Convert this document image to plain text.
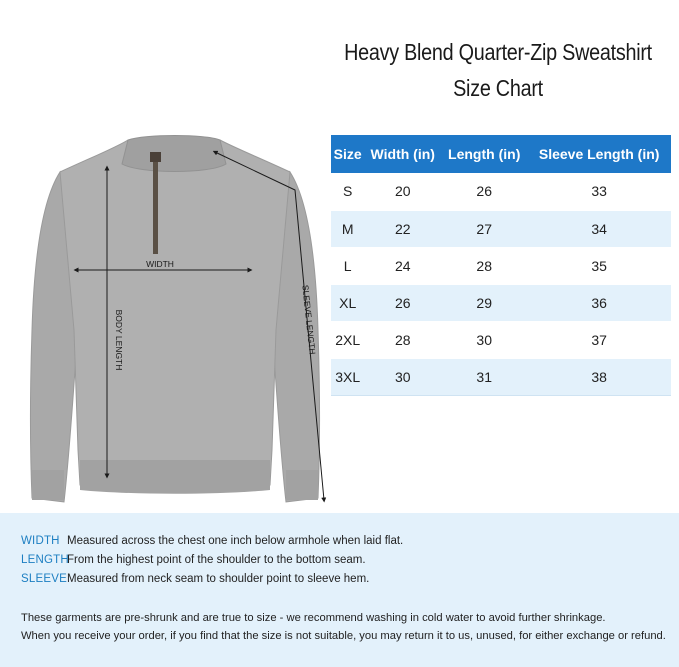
Heavy Blend Quarter-Zip Sweatshirt
Size Chart
WIDTH
BODY LENGTH	SLEEVE LENGTH
Size	Width (in)	Length (in)	Sleeve Length (in)
S	20	26	33
M	22	27	34
L	24	28	35
XL	26	29	36
2XL	28	30	37
3XL	30	31	38
WIDTH Measured across the chest one inch below armhole when laid flat.
LENGTHFrom the highest point of the shoulder to the bottom seam.
SLEEVEMeasured from neck seam to shoulder point to sleeve hem.
These garments are pre-shrunk and are true to size - we recommend washing in cold water to avoid further shrinkage.
When you receive your order, if you find that the size is not suitable, you may return it to us, unused, for either exchange or refund.
